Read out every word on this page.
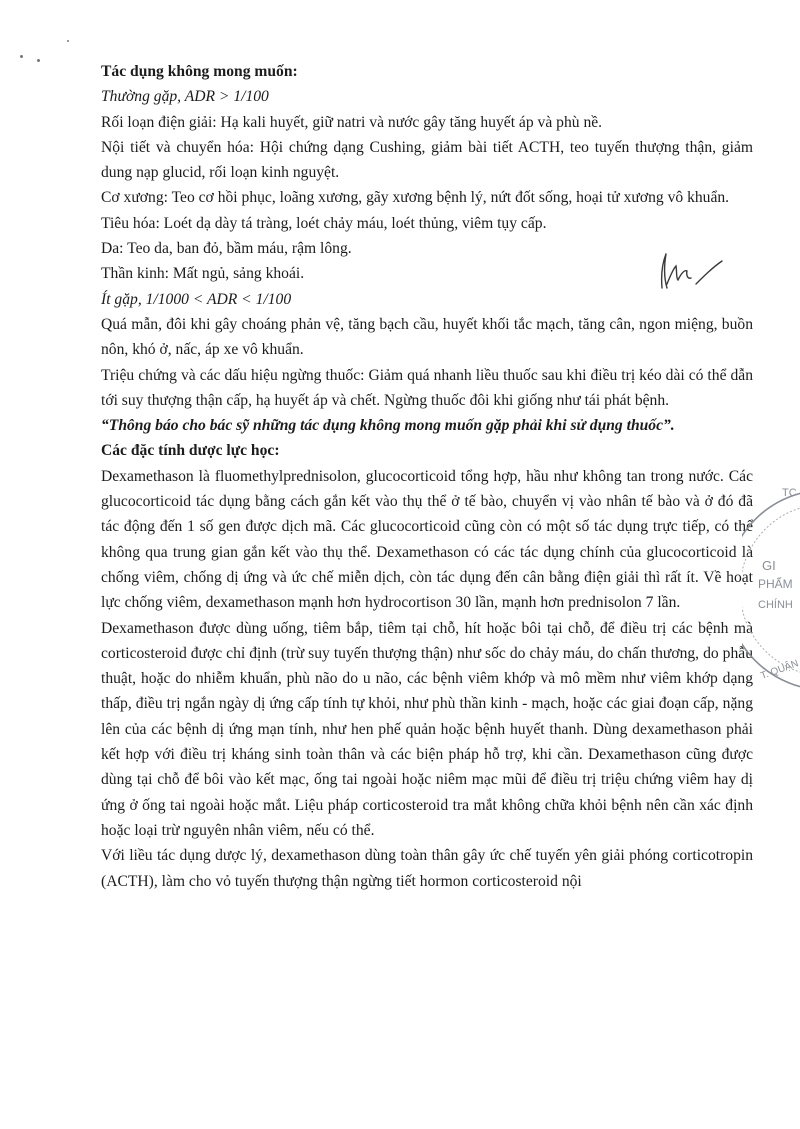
Tác dụng không mong muốn:

Thường gặp, ADR > 1/100

Rối loạn điện giải: Hạ kali huyết, giữ natri và nước gây tăng huyết áp và phù nề.

Nội tiết và chuyển hóa: Hội chứng dạng Cushing, giảm bài tiết ACTH, teo tuyến thượng thận, giảm dung nạp glucid, rối loạn kinh nguyệt.

Cơ xương: Teo cơ hồi phục, loãng xương, gãy xương bệnh lý, nứt đốt sống, hoại tử xương vô khuẩn.

Tiêu hóa: Loét dạ dày tá tràng, loét chảy máu, loét thủng, viêm tụy cấp.

Da: Teo da, ban đỏ, bầm máu, rậm lông.

Thần kinh: Mất ngủ, sảng khoái.

Ít gặp, 1/1000 < ADR < 1/100

Quá mẫn, đôi khi gây choáng phản vệ, tăng bạch cầu, huyết khối tắc mạch, tăng cân, ngon miệng, buồn nôn, khó ở, nấc, áp xe vô khuẩn.

Triệu chứng và các dấu hiệu ngừng thuốc: Giảm quá nhanh liều thuốc sau khi điều trị kéo dài có thể dẫn tới suy thượng thận cấp, hạ huyết áp và chết. Ngừng thuốc đôi khi giống như tái phát bệnh.

“Thông báo cho bác sỹ những tác dụng không mong muốn gặp phải khi sử dụng thuốc”.

Các đặc tính dược lực học:

Dexamethason là fluomethylprednisolon, glucocorticoid tổng hợp, hầu như không tan trong nước. Các glucocorticoid tác dụng bằng cách gắn kết vào thụ thể ở tế bào, chuyển vị vào nhân tế bào và ở đó đã tác động đến 1 số gen được dịch mã. Các glucocorticoid cũng còn có một số tác dụng trực tiếp, có thể không qua trung gian gắn kết vào thụ thể. Dexamethason có các tác dụng chính của glucocorticoid là chống viêm, chống dị ứng và ức chế miễn dịch, còn tác dụng đến cân bằng điện giải thì rất ít. Về hoạt lực chống viêm, dexamethason mạnh hơn hydrocortison 30 lần, mạnh hơn prednisolon 7 lần.

Dexamethason được dùng uống, tiêm bắp, tiêm tại chỗ, hít hoặc bôi tại chỗ, để điều trị các bệnh mà corticosteroid được chỉ định (trừ suy tuyến thượng thận) như sốc do chảy máu, do chấn thương, do phẫu thuật, hoặc do nhiễm khuẩn, phù não do u não, các bệnh viêm khớp và mô mềm như viêm khớp dạng thấp, điều trị ngắn ngày dị ứng cấp tính tự khỏi, như phù thần kinh - mạch, hoặc các giai đoạn cấp, nặng lên của các bệnh dị ứng mạn tính, như hen phế quản hoặc bệnh huyết thanh. Dùng dexamethason phải kết hợp với điều trị kháng sinh toàn thân và các biện pháp hỗ trợ, khi cần. Dexamethason cũng được dùng tại chỗ để bôi vào kết mạc, ống tai ngoài hoặc niêm mạc mũi để điều trị triệu chứng viêm hay dị ứng ở ống tai ngoài hoặc mắt. Liệu pháp corticosteroid tra mắt không chữa khỏi bệnh nên cần xác định hoặc loại trừ nguyên nhân viêm, nếu có thể.

Với liều tác dụng dược lý, dexamethason dùng toàn thân gây ức chế tuyến yên giải phóng corticotropin (ACTH), làm cho vỏ tuyến thượng thận ngừng tiết hormon corticosteroid nội

TC
GI
PHẨM
CHÍNH
T. QUẬN
